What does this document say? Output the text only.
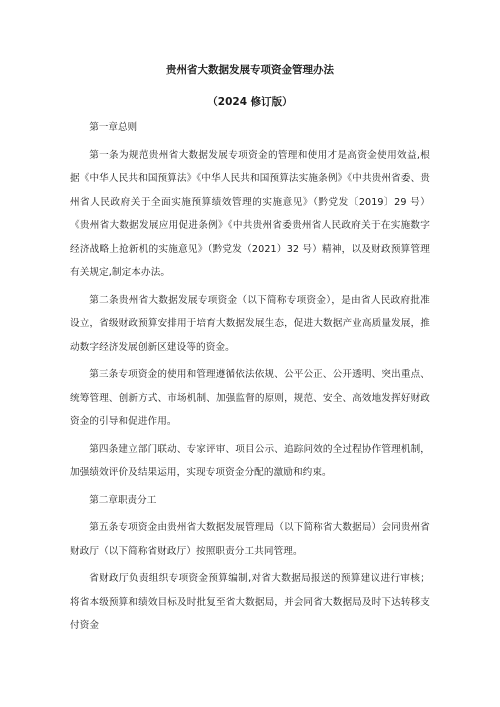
贵州省大数据发展专项资金管理办法

（2024 修订版）

第一章总则

第一条为规范贵州省大数据发展专项资金的管理和使用才是高资金使用效益,根据《中华人民共和国预算法》《中华人民共和国预算法实施条例》《中共贵州省委、贵州省人民政府关于全面实施预算绩效管理的实施意见》（黔党发〔2019〕29 号）《贵州省大数据发展应用促进条例》《中共贵州省委贵州省人民政府关于在实施数字经济战略上抢新机的实施意见》（黔党发（2021）32 号）精神，以及财政预算管理有关规定,制定本办法。

第二条贵州省大数据发展专项资金（以下简称专项资金），是由省人民政府批准设立，省级财政预算安排用于培育大数据发展生态，促进大数据产业高质量发展，推动数字经济发展创新区建设等的资金。

第三条专项资金的使用和管理遵循依法依规、公平公正、公开透明、突出重点、统筹管理、创新方式、市场机制、加强监督的原则，规范、安全、高效地发挥好财政资金的引导和促进作用。

第四条建立部门联动、专家评审、项目公示、追踪问效的全过程协作管理机制，加强绩效评价及结果运用，实现专项资金分配的激励和约束。

第二章职责分工

第五条专项资金由贵州省大数据发展管理局（以下简称省大数据局）会同贵州省财政厅（以下简称省财政厅）按照职责分工共同管理。

省财政厅负责组织专项资金预算编制,对省大数据局报送的预算建议进行审核；将省本级预算和绩效目标及时批复至省大数据局，并会同省大数据局及时下达转移支付资金
